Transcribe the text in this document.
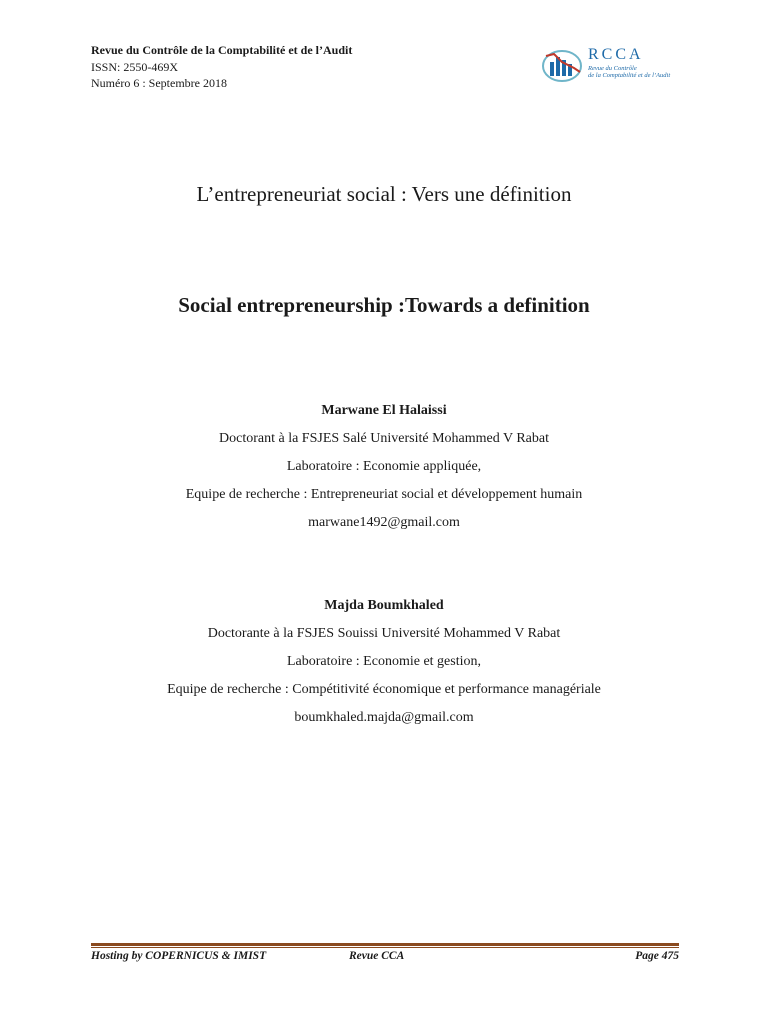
Revue du Contrôle de la Comptabilité et de l’Audit
ISSN: 2550-469X
Numéro 6 : Septembre 2018
RCCA
Revue du Contrôle
de la Comptabilité et de l’Audit
L’entrepreneuriat social : Vers une définition
Social entrepreneurship :Towards a definition
Marwane El Halaissi
Doctorant à la FSJES Salé Université Mohammed V Rabat
Laboratoire : Economie appliquée,
Equipe de recherche : Entrepreneuriat social et développement humain
marwane1492@gmail.com
Majda Boumkhaled
Doctorante à la FSJES Souissi Université Mohammed V Rabat
Laboratoire : Economie et gestion,
Equipe de recherche : Compétitivité économique et performance managériale
boumkhaled.majda@gmail.com
Hosting by COPERNICUS & IMIST	Revue CCA	Page 475
